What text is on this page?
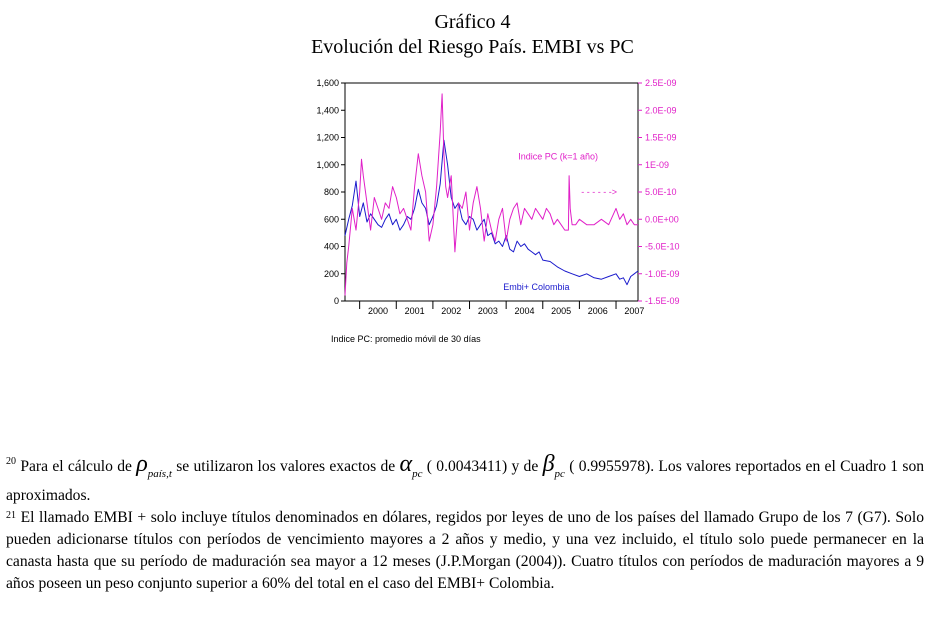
Gráfico 4
Evolución del Riesgo País. EMBI vs PC
0
200
400
600
800
1,000
1,200
1,400
1,600
-1.5E-09
-1.0E-09
-5.0E-10
0.0E+00
5.0E-10
1E-09
1.5E-09
2.0E-09
2.5E-09
2000 2001 2002 2003 2004 2005 2006 2007
Indice PC (k=1 año)
- - - - - ->
Embi+ Colombia
Indice PC: promedio móvil de 30 días

$^{20}$ Para el cálculo de $\rho_{país,t}$ se utilizaron los valores exactos de $\alpha_{pc}$ ( 0.0043411) y de $\beta_{pc}$ ( 0.9955978). Los valores reportados en el Cuadro 1 son aproximados.

$^{21}$ El llamado EMBI + solo incluye títulos denominados en dólares, regidos por leyes de uno de los países del llamado Grupo de los 7 (G7). Solo pueden adicionarse títulos con períodos de vencimiento mayores a 2 años y medio, y una vez incluido, el título solo puede permanecer en la canasta hasta que su período de maduración sea mayor a 12 meses (J.P.Morgan (2004)). Cuatro títulos con períodos de maduración mayores a 9 años poseen un peso conjunto superior a 60% del total en el caso del EMBI+ Colombia.
